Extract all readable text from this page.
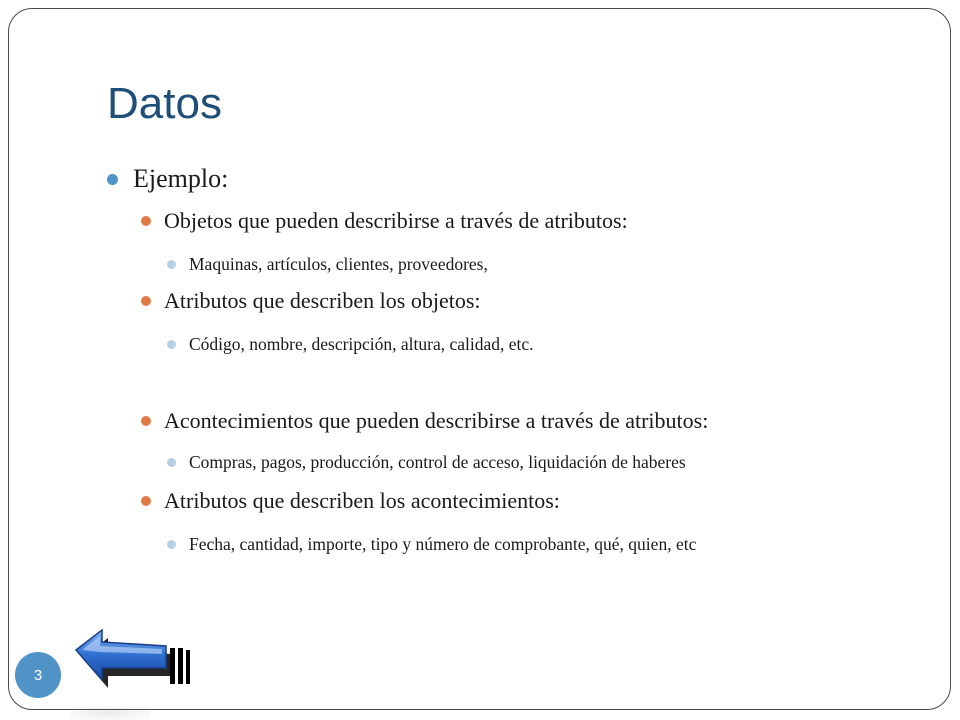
Datos
Ejemplo:
Objetos que pueden describirse a través de atributos:
Maquinas, artículos, clientes, proveedores,
Atributos que describen los objetos:
Código, nombre, descripción, altura, calidad, etc.
Acontecimientos que pueden describirse a través de atributos:
Compras, pagos, producción, control de acceso, liquidación de haberes
Atributos que describen los acontecimientos:
Fecha, cantidad, importe, tipo y número de comprobante, qué, quien, etc
3
